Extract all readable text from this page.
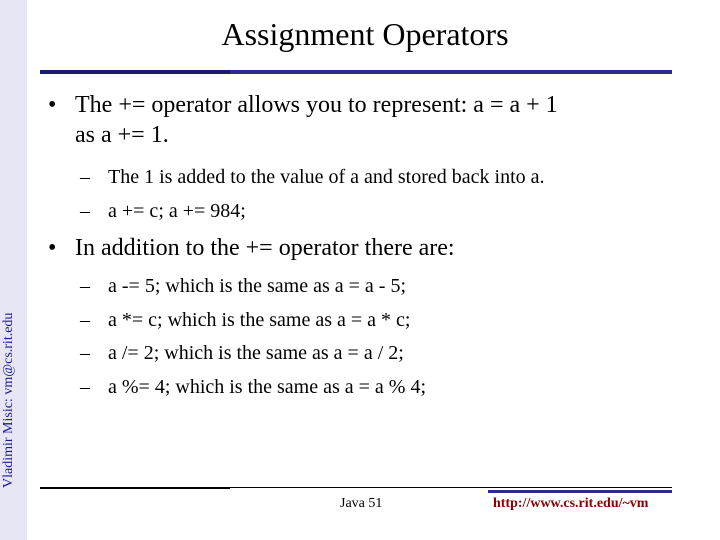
Vladimir Misic: vm@cs.rit.edu
Assignment Operators
• The += operator allows you to represent: a = a + 1
as a += 1.
– The 1 is added to the value of a and stored back into a.
– a += c; a += 984;
• In addition to the += operator there are:
– a -= 5; which is the same as a = a - 5;
– a *= c; which is the same as a = a * c;
– a /= 2; which is the same as a = a / 2;
– a %= 4; which is the same as a = a % 4;
Java 51	http://www.cs.rit.edu/~vm
